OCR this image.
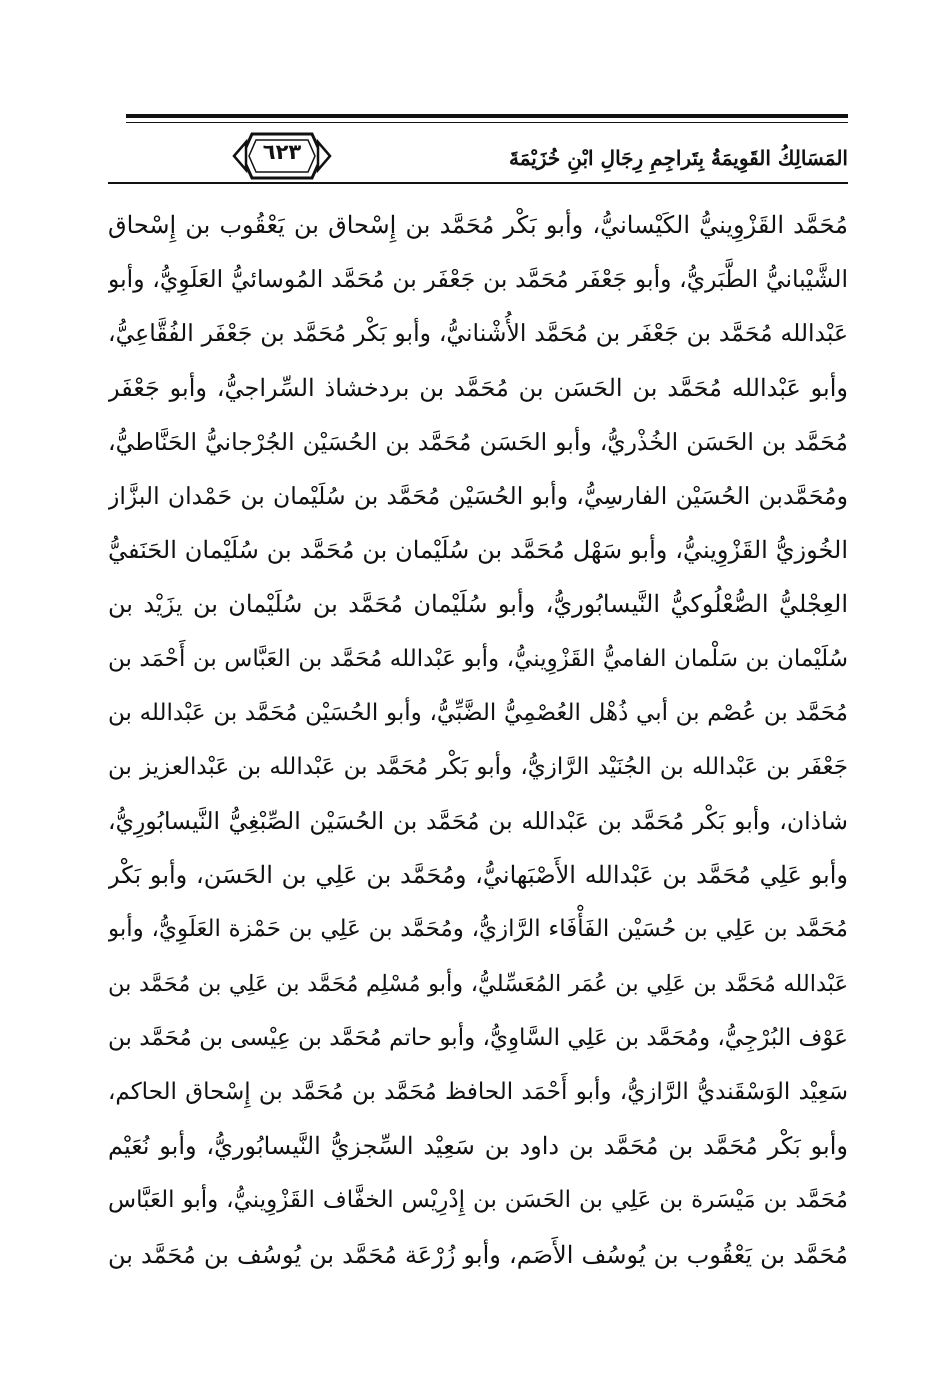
٦٢٣	المَسَالِكُ القَوِيمَةُ بِتَراجِمِ رِجَالِ ابْنِ خُزَيْمَةَ
مُحَمَّد القَزْوِينيُّ الكَيْسانيُّ، وأبو بَكْر مُحَمَّد بن إِسْحاق بن يَعْقُوب بن إِسْحاق
الشَّيْبانيُّ الطَّبَريُّ، وأبو جَعْفَر مُحَمَّد بن جَعْفَر بن مُحَمَّد المُوسائيُّ العَلَوِيُّ، وأبو
عَبْدالله مُحَمَّد بن جَعْفَر بن مُحَمَّد الأُشْنانيُّ، وأبو بَكْر مُحَمَّد بن جَعْفَر الفُقَّاعِيُّ،
وأبو عَبْدالله مُحَمَّد بن الحَسَن بن مُحَمَّد بن بردخشاذ السِّراجيُّ، وأبو جَعْفَر
مُحَمَّد بن الحَسَن الخُذْريُّ، وأبو الحَسَن مُحَمَّد بن الحُسَيْن الجُرْجانيُّ الحَنَّاطيُّ،
ومُحَمَّدبن الحُسَيْن الفارسِيُّ، وأبو الحُسَيْن مُحَمَّد بن سُلَيْمان بن حَمْدان البزَّاز
الخُوزيُّ القَزْوِينيُّ، وأبو سَهْل مُحَمَّد بن سُلَيْمان بن مُحَمَّد بن سُلَيْمان الحَنَفيُّ
العِجْليُّ الصُّعْلُوكيُّ النَّيسابُوريُّ، وأبو سُلَيْمان مُحَمَّد بن سُلَيْمان بن يزَيْد بن
سُلَيْمان بن سَلْمان الفاميُّ القَزْوِينيُّ، وأبو عَبْدالله مُحَمَّد بن العَبَّاس بن أَحْمَد بن
مُحَمَّد بن عُصْم بن أبي ذُهْل العُصْمِيُّ الضَّبِّيُّ، وأبو الحُسَيْن مُحَمَّد بن عَبْدالله بن
جَعْفَر بن عَبْدالله بن الجُنَيْد الرَّازيُّ، وأبو بَكْر مُحَمَّد بن عَبْدالله بن عَبْدالعزيز بن
شاذان، وأبو بَكْر مُحَمَّد بن عَبْدالله بن مُحَمَّد بن الحُسَيْن الصِّبْغِيُّ النَّيسابُورِيُّ،
وأبو عَلِي مُحَمَّد بن عَبْدالله الأَصْبَهانيُّ، ومُحَمَّد بن عَلِي بن الحَسَن، وأبو بَكْر
مُحَمَّد بن عَلِي بن حُسَيْن الفَأْفَاء الرَّازيُّ، ومُحَمَّد بن عَلِي بن حَمْزة العَلَوِيُّ، وأبو
عَبْدالله مُحَمَّد بن عَلِي بن عُمَر المُعَسِّليُّ، وأبو مُسْلِم مُحَمَّد بن عَلِي بن مُحَمَّد بن
عَوْف البُرْجِيُّ، ومُحَمَّد بن عَلِي السَّاوِيُّ، وأبو حاتم مُحَمَّد بن عِيْسى بن مُحَمَّد بن
سَعِيْد الوَسْقَنديُّ الرَّازيُّ، وأبو أَحْمَد الحافظ مُحَمَّد بن مُحَمَّد بن إِسْحاق الحاكم،
وأبو بَكْر مُحَمَّد بن مُحَمَّد بن داود بن سَعِيْد السِّجزيُّ النَّيسابُوريُّ، وأبو نُعَيْم
مُحَمَّد بن مَيْسَرة بن عَلِي بن الحَسَن بن إِدْرِيْس الخفَّاف القَزْوِينيُّ، وأبو العَبَّاس
مُحَمَّد بن يَعْقُوب بن يُوسُف الأَصَم، وأبو زُرْعَة مُحَمَّد بن يُوسُف بن مُحَمَّد بن
